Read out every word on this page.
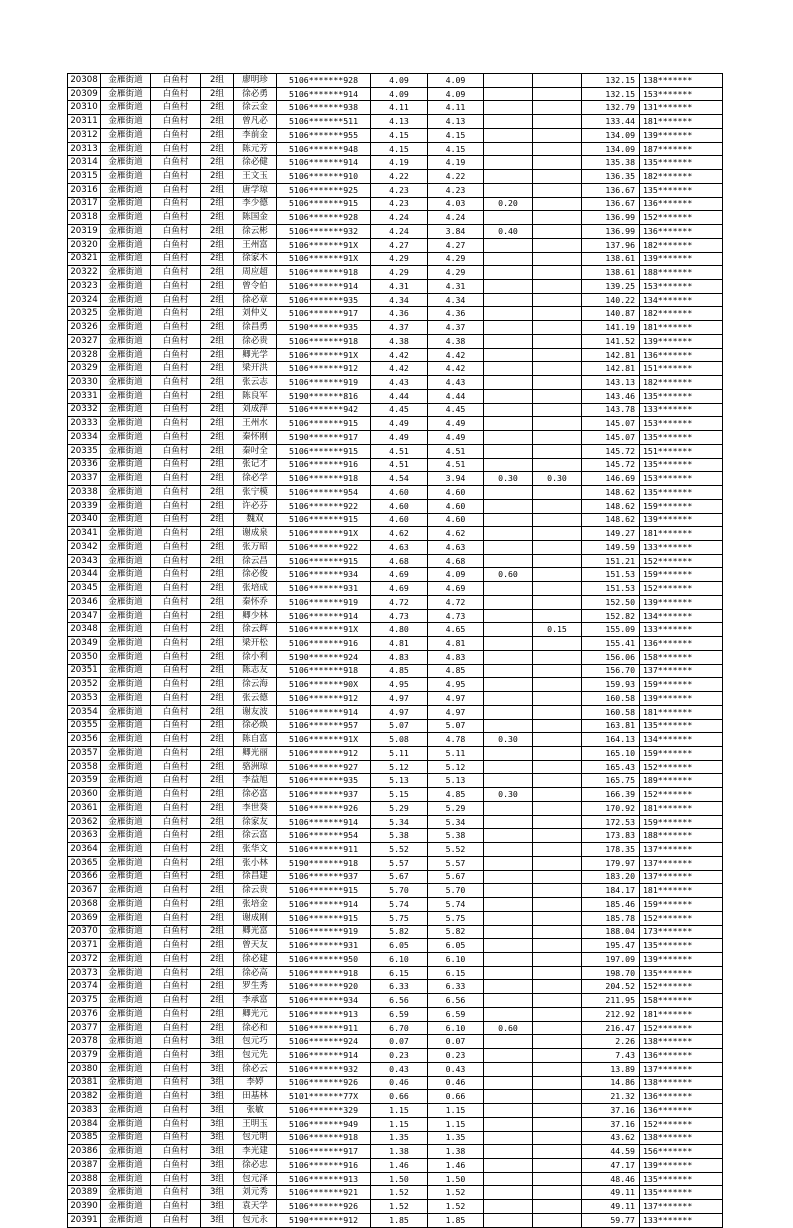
20308	金雁街道	白鱼村	2组	廖明珍	5106*******928	4.09	4.09			132.15	138*******
20309	金雁街道	白鱼村	2组	徐必勇	5106*******914	4.09	4.09			132.15	153*******
20310	金雁街道	白鱼村	2组	徐云金	5106*******938	4.11	4.11			132.79	131*******
20311	金雁街道	白鱼村	2组	曾凡必	5106*******511	4.13	4.13			133.44	181*******
20312	金雁街道	白鱼村	2组	李前金	5106*******955	4.15	4.15			134.09	139*******
20313	金雁街道	白鱼村	2组	陈元芳	5106*******948	4.15	4.15			134.09	187*******
20314	金雁街道	白鱼村	2组	徐必健	5106*******914	4.19	4.19			135.38	135*******
20315	金雁街道	白鱼村	2组	王文玉	5106*******910	4.22	4.22			136.35	182*******
20316	金雁街道	白鱼村	2组	唐学琼	5106*******925	4.23	4.23			136.67	135*******
20317	金雁街道	白鱼村	2组	李少德	5106*******915	4.23	4.03	0.20		136.67	136*******
20318	金雁街道	白鱼村	2组	陈国金	5106*******928	4.24	4.24			136.99	152*******
20319	金雁街道	白鱼村	2组	徐云彬	5106*******932	4.24	3.84	0.40		136.99	136*******
20320	金雁街道	白鱼村	2组	王州富	5106*******91X	4.27	4.27			137.96	182*******
20321	金雁街道	白鱼村	2组	徐家木	5106*******91X	4.29	4.29			138.61	139*******
20322	金雁街道	白鱼村	2组	周应超	5106*******918	4.29	4.29			138.61	188*******
20323	金雁街道	白鱼村	2组	曾令伯	5106*******914	4.31	4.31			139.25	153*******
20324	金雁街道	白鱼村	2组	徐必章	5106*******935	4.34	4.34			140.22	134*******
20325	金雁街道	白鱼村	2组	刘仲义	5106*******917	4.36	4.36			140.87	182*******
20326	金雁街道	白鱼村	2组	徐昌勇	5190*******935	4.37	4.37			141.19	181*******
20327	金雁街道	白鱼村	2组	徐必贵	5106*******918	4.38	4.38			141.52	139*******
20328	金雁街道	白鱼村	2组	卿光学	5106*******91X	4.42	4.42			142.81	136*******
20329	金雁街道	白鱼村	2组	梁开洪	5106*******912	4.42	4.42			142.81	151*******
20330	金雁街道	白鱼村	2组	张云志	5106*******919	4.43	4.43			143.13	182*******
20331	金雁街道	白鱼村	2组	陈良军	5190*******816	4.44	4.44			143.46	135*******
20332	金雁街道	白鱼村	2组	刘成萍	5106*******942	4.45	4.45			143.78	133*******
20333	金雁街道	白鱼村	2组	王州水	5106*******915	4.49	4.49			145.07	153*******
20334	金雁街道	白鱼村	2组	秦怀刚	5190*******917	4.49	4.49			145.07	135*******
20335	金雁街道	白鱼村	2组	秦吋全	5106*******915	4.51	4.51			145.72	151*******
20336	金雁街道	白鱼村	2组	张记才	5106*******916	4.51	4.51			145.72	135*******
20337	金雁街道	白鱼村	2组	徐必学	5106*******918	4.54	3.94	0.30	0.30	146.69	153*******
20338	金雁街道	白鱼村	2组	张宁模	5106*******954	4.60	4.60			148.62	135*******
20339	金雁街道	白鱼村	2组	许必芬	5106*******922	4.60	4.60			148.62	159*******
20340	金雁街道	白鱼村	2组	魏双	5106*******915	4.60	4.60			148.62	139*******
20341	金雁街道	白鱼村	2组	谢成泉	5106*******91X	4.62	4.62			149.27	181*******
20342	金雁街道	白鱼村	2组	张万昭	5106*******922	4.63	4.63			149.59	133*******
20343	金雁街道	白鱼村	2组	徐云昌	5106*******915	4.68	4.68			151.21	152*******
20344	金雁街道	白鱼村	2组	徐必俊	5106*******934	4.69	4.09	0.60		151.53	159*******
20345	金雁街道	白鱼村	2组	张培成	5106*******931	4.69	4.69			151.53	152*******
20346	金雁街道	白鱼村	2组	秦怀乔	5106*******919	4.72	4.72			152.50	139*******
20347	金雁街道	白鱼村	2组	卿少林	5106*******914	4.73	4.73			152.82	134*******
20348	金雁街道	白鱼村	2组	徐云辉	5106*******91X	4.80	4.65		0.15	155.09	133*******
20349	金雁街道	白鱼村	2组	梁开松	5106*******916	4.81	4.81			155.41	136*******
20350	金雁街道	白鱼村	2组	徐小利	5190*******924	4.83	4.83			156.06	158*******
20351	金雁街道	白鱼村	2组	陈志友	5106*******918	4.85	4.85			156.70	137*******
20352	金雁街道	白鱼村	2组	徐云海	5106*******90X	4.95	4.95			159.93	159*******
20353	金雁街道	白鱼村	2组	张云德	5106*******912	4.97	4.97			160.58	139*******
20354	金雁街道	白鱼村	2组	谢友波	5106*******914	4.97	4.97			160.58	181*******
20355	金雁街道	白鱼村	2组	徐必焕	5106*******957	5.07	5.07			163.81	135*******
20356	金雁街道	白鱼村	2组	陈自富	5106*******91X	5.08	4.78	0.30		164.13	134*******
20357	金雁街道	白鱼村	2组	卿光丽	5106*******912	5.11	5.11			165.10	159*******
20358	金雁街道	白鱼村	2组	骆洲琼	5106*******927	5.12	5.12			165.43	152*******
20359	金雁街道	白鱼村	2组	李益旭	5106*******935	5.13	5.13			165.75	189*******
20360	金雁街道	白鱼村	2组	徐必富	5106*******937	5.15	4.85	0.30		166.39	152*******
20361	金雁街道	白鱼村	2组	李世葵	5106*******926	5.29	5.29			170.92	181*******
20362	金雁街道	白鱼村	2组	徐家友	5106*******914	5.34	5.34			172.53	159*******
20363	金雁街道	白鱼村	2组	徐云富	5106*******954	5.38	5.38			173.83	188*******
20364	金雁街道	白鱼村	2组	张华文	5106*******911	5.52	5.52			178.35	137*******
20365	金雁街道	白鱼村	2组	张小林	5190*******918	5.57	5.57			179.97	137*******
20366	金雁街道	白鱼村	2组	徐昌建	5106*******937	5.67	5.67			183.20	137*******
20367	金雁街道	白鱼村	2组	徐云贵	5106*******915	5.70	5.70			184.17	181*******
20368	金雁街道	白鱼村	2组	张培金	5106*******914	5.74	5.74			185.46	159*******
20369	金雁街道	白鱼村	2组	谢成刚	5106*******915	5.75	5.75			185.78	152*******
20370	金雁街道	白鱼村	2组	卿光富	5106*******919	5.82	5.82			188.04	173*******
20371	金雁街道	白鱼村	2组	曾天友	5106*******931	6.05	6.05			195.47	135*******
20372	金雁街道	白鱼村	2组	徐必建	5106*******950	6.10	6.10			197.09	139*******
20373	金雁街道	白鱼村	2组	徐必高	5106*******918	6.15	6.15			198.70	135*******
20374	金雁街道	白鱼村	2组	罗生秀	5106*******920	6.33	6.33			204.52	152*******
20375	金雁街道	白鱼村	2组	李承富	5106*******934	6.56	6.56			211.95	158*******
20376	金雁街道	白鱼村	2组	卿光元	5106*******913	6.59	6.59			212.92	181*******
20377	金雁街道	白鱼村	2组	徐必和	5106*******911	6.70	6.10	0.60		216.47	152*******
20378	金雁街道	白鱼村	3组	包元巧	5106*******924	0.07	0.07			2.26	138*******
20379	金雁街道	白鱼村	3组	包元先	5106*******914	0.23	0.23			7.43	136*******
20380	金雁街道	白鱼村	3组	徐必云	5106*******932	0.43	0.43			13.89	137*******
20381	金雁街道	白鱼村	3组	李婷	5106*******926	0.46	0.46			14.86	138*******
20382	金雁街道	白鱼村	3组	田基林	5101*******77X	0.66	0.66			21.32	136*******
20383	金雁街道	白鱼村	3组	张敏	5106*******329	1.15	1.15			37.16	136*******
20384	金雁街道	白鱼村	3组	王明玉	5106*******949	1.15	1.15			37.16	152*******
20385	金雁街道	白鱼村	3组	包元明	5106*******918	1.35	1.35			43.62	138*******
20386	金雁街道	白鱼村	3组	李光建	5106*******917	1.38	1.38			44.59	156*******
20387	金雁街道	白鱼村	3组	徐必忠	5106*******916	1.46	1.46			47.17	139*******
20388	金雁街道	白鱼村	3组	包元泽	5106*******913	1.50	1.50			48.46	135*******
20389	金雁街道	白鱼村	3组	刘元秀	5106*******921	1.52	1.52			49.11	135*******
20390	金雁街道	白鱼村	3组	袁天学	5106*******926	1.52	1.52			49.11	137*******
20391	金雁街道	白鱼村	3组	包元永	5190*******912	1.85	1.85			59.77	133*******
